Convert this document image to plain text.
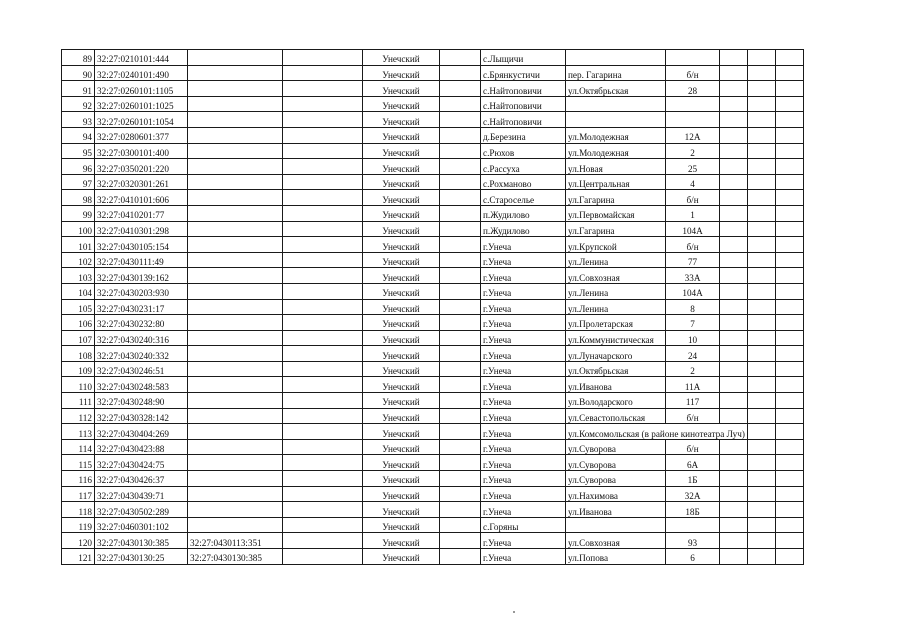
89	32:27:0210101:444			Унечский		с.Лыщичи					
90	32:27:0240101:490			Унечский		с.Брянкустичи	пер. Гагарина	б/н			
91	32:27:0260101:1105			Унечский		с.Найтоповичи	ул.Октябрьская	28			
92	32:27:0260101:1025			Унечский		с.Найтоповичи					
93	32:27:0260101:1054			Унечский		с.Найтоповичи					
94	32:27:0280601:377			Унечский		д.Березина	ул.Молодежная	12А			
95	32:27:0300101:400			Унечский		с.Рюхов	ул.Молодежная	2			
96	32:27:0350201:220			Унечский		с.Рассуха	ул.Новая	25			
97	32:27:0320301:261			Унечский		с.Рохманово	ул.Центральная	4			
98	32:27:0410101:606			Унечский		с.Старосельe	ул.Гагарина	б/н			
99	32:27:0410201:77			Унечский		п.Жудилово	ул.Первомайская	1			
100	32:27:0410301:298			Унечский		п.Жудилово	ул.Гагарина	104А			
101	32:27:0430105:154			Унечский		г.Унеча	ул.Крупской	б/н			
102	32:27:0430111:49			Унечский		г.Унеча	ул.Ленина	77			
103	32:27:0430139:162			Унечский		г.Унеча	ул.Совхозная	33А			
104	32:27:0430203:930			Унечский		г.Унеча	ул.Ленина	104А			
105	32:27:0430231:17			Унечский		г.Унеча	ул.Ленина	8			
106	32:27:0430232:80			Унечский		г.Унеча	ул.Пролетарская	7			
107	32:27:0430240:316			Унечский		г.Унеча	ул.Коммунистическая	10			
108	32:27:0430240:332			Унечский		г.Унеча	ул.Луначарского	24			
109	32:27:0430246:51			Унечский		г.Унеча	ул.Октябрьская	2			
110	32:27:0430248:583			Унечский		г.Унеча	ул.Иванова	11А			
111	32:27:0430248:90			Унечский		г.Унеча	ул.Володарского	117			
112	32:27:0430328:142			Унечский		г.Унеча	ул.Севастопольская	б/н			
113	32:27:0430404:269			Унечский		г.Унеча	ул.Комсомольская (в районе кинотеатра Луч)				
114	32:27:0430423:88			Унечский		г.Унеча	ул.Суворова	б/н			
115	32:27:0430424:75			Унечский		г.Унеча	ул.Суворова	6А			
116	32:27:0430426:37			Унечский		г.Унеча	ул.Суворова	1Б			
117	32:27:0430439:71			Унечский		г.Унеча	ул.Нахимова	32А			
118	32:27:0430502:289			Унечский		г.Унеча	ул.Иванова	18Б			
119	32:27:0460301:102			Унечский		с.Горяны					
120	32:27:0430130:385	32:27:0430113:351		Унечский		г.Унеча	ул.Совхозная	93			
121	32:27:0430130:25	32:27:0430130:385		Унечский		г.Унеча	ул.Попова	6			
